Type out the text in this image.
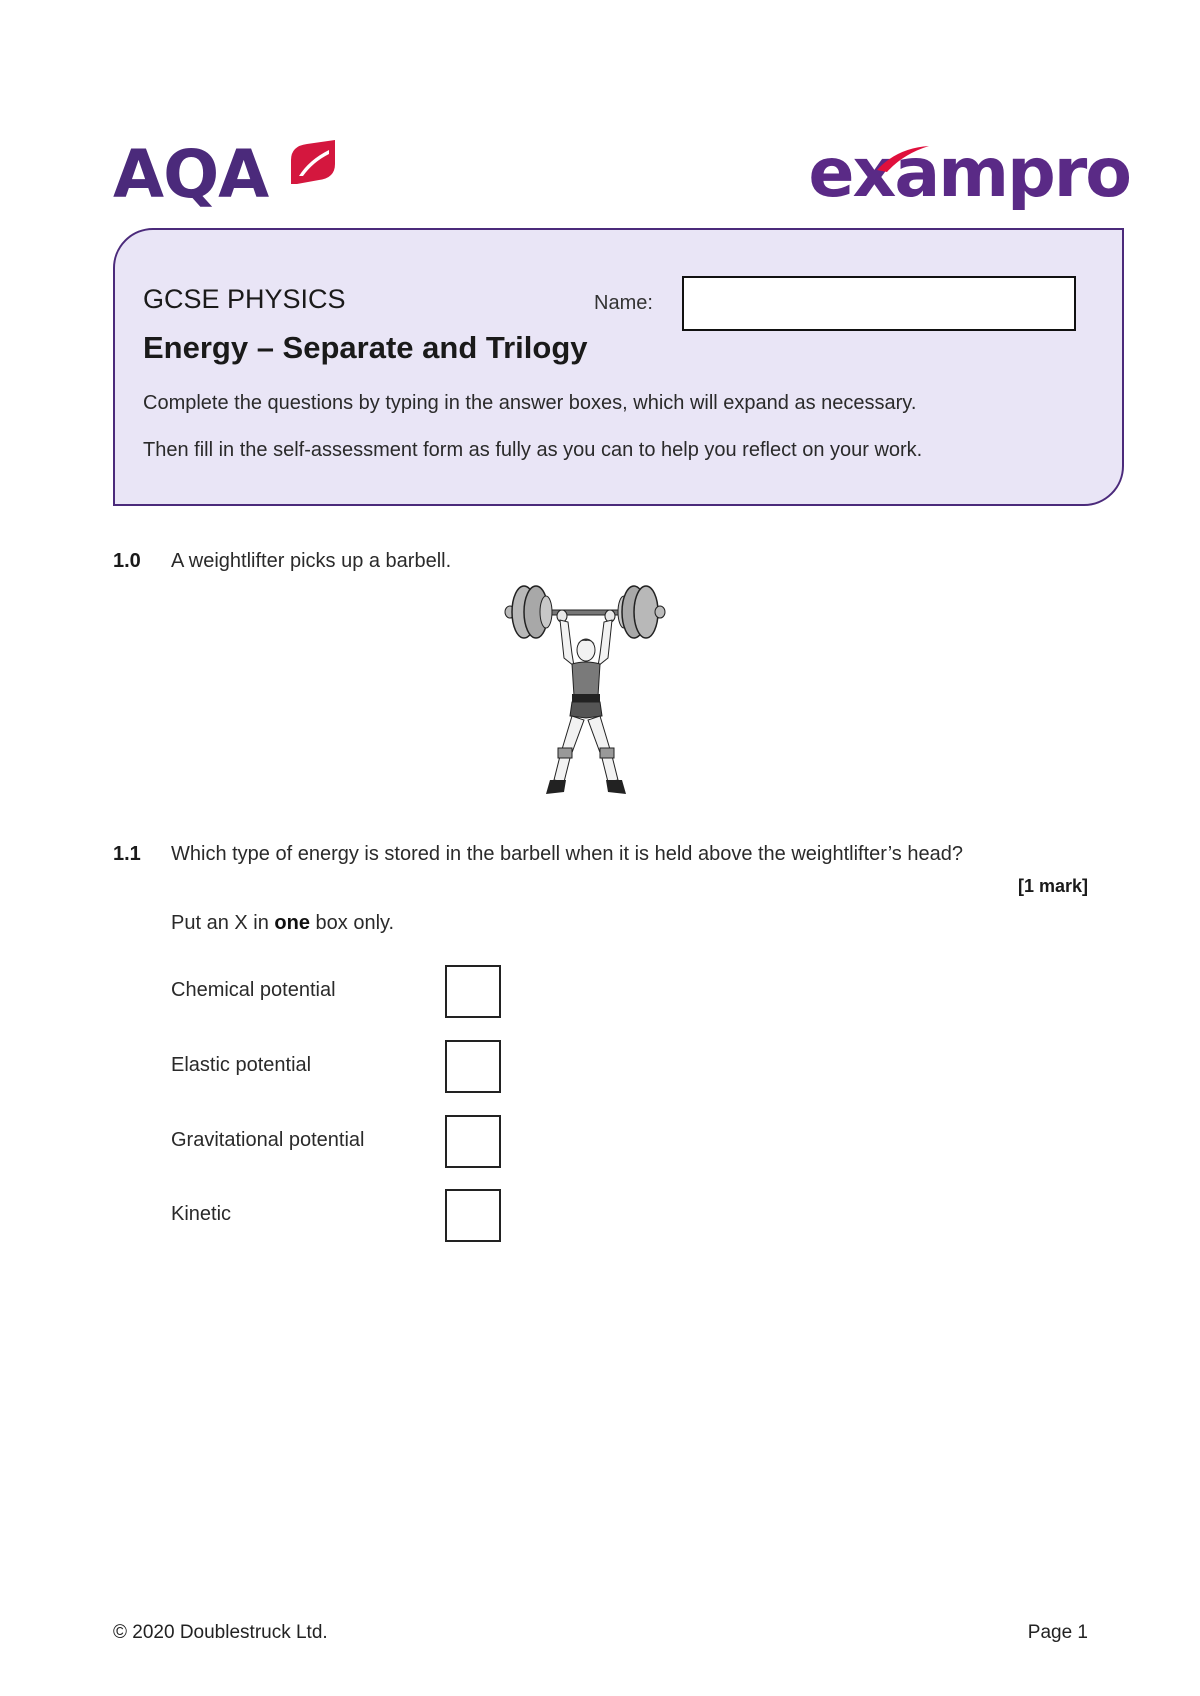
AQA	exampro
GCSE PHYSICS	Name:
Energy – Separate and Trilogy
Complete the questions by typing in the answer boxes, which will expand as necessary.
Then fill in the self-assessment form as fully as you can to help you reflect on your work.
1.0 A weightlifter picks up a barbell.
1.1 Which type of energy is stored in the barbell when it is held above the weightlifter’s head?
[1 mark]
Put an X in one box only.
Chemical potential
Elastic potential
Gravitational potential
Kinetic
© 2020 Doublestruck Ltd.	Page 1
